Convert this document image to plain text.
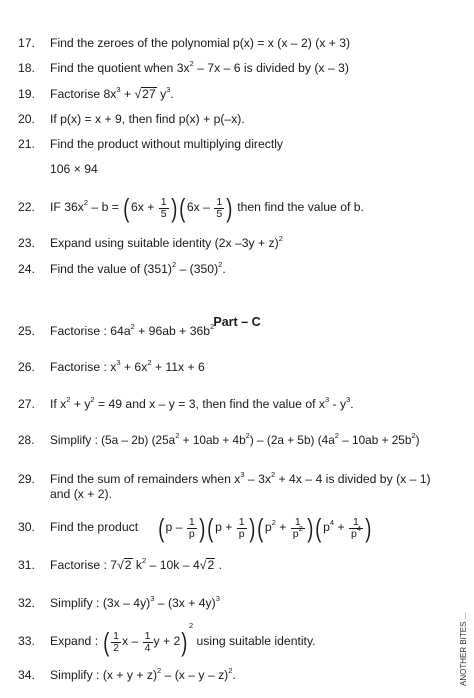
17. Find the zeroes of the polynomial p(x) = x (x – 2) (x + 3)
18. Find the quotient when $3x^2 - 7x - 6$ is divided by (x – 3)
19. Factorise $8x^3 + √27$ $y^3$.
20. If p(x) = x + 9, then find p(x) + p(–x).
21. Find the product without multiplying directly
106 × 94
22. IF $36x^2 - b = (6x + \frac{1}{5}$ ) ($6x - \frac{1}{5}$ ) then find the value of b.
23. Expand using suitable identity (2x –3y + z)$^2$
24. Find the value of $(351)^2 - (350)^2$.
Part – C
25. Factorise : $64a^2 + 96ab + 36b^2$
26. Factorise : $x^3 + 6x^2 + 11x + 6$
27. If $x^2 + y^2 = 49$ and x – y = 3, then find the value of $x^3 - y^3$.
28. Simplify : (5a – 2b) $(25a^2 + 10ab + 4b^2) - (2a + 5b)$ $(4a^2 - 10ab + 25b^2)$
29. Find the sum of remainders when $x^3 - 3x^2 + 4x - 4$ is divided by (x – 1) and (x + 2).
30. Find the product ($p - \frac{1}{p}$ ) ($p + \frac{1}{p}$ ) ($p^2 + \frac{1}{p^2}$ ) ($p^4 + \frac{1}{p^4}$ )
31. Factorise : 7√2 $k^2 - 10k - 4√2$ .
32. Simplify : $(3x - 4y)^3 - (3x + 4y)^3$
33. Expand : ( $\frac{1}{2}$ x – $\frac{1}{4}$ y + 2)$^2$ using suitable identity.
34. Simplify : $(x + y + z)^2 - (x - y - z)^2$.	ANOTHER BITES ...
